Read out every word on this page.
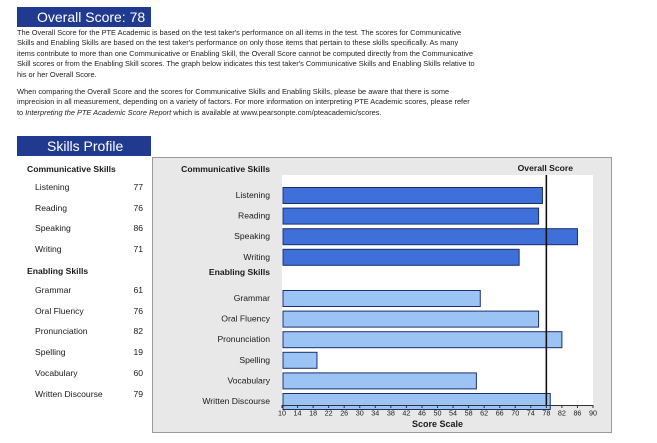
Overall Score: 78

The Overall Score for the PTE Academic is based on the test taker's performance on all items in the test. The scores for Communicative Skills and Enabling Skills are based on the test taker's performance on only those items that pertain to these skills specifically. As many items contribute to more than one Communicative or Enabling Skill, the Overall Score cannot be computed directly from the Communicative Skill scores or from the Enabling Skill scores. The graph below indicates this test taker's Communicative Skills and Enabling Skills relative to his or her Overall Score.

When comparing the Overall Score and the scores for Communicative Skills and Enabling Skills, please be aware that there is some imprecision in all measurement, depending on a variety of factors. For more information on interpreting PTE Academic scores, please refer to Interpreting the PTE Academic Score Report which is available at www.pearsonpte.com/pteacademic/scores.

Skills Profile
Communicative Skills
Listening	77
Reading	76
Speaking	86
Writing	71
Enabling Skills
Grammar	61
Oral Fluency	76
Pronunciation	82
Spelling	19
Vocabulary	60
Written Discourse	79
Communicative Skills
Listening
Reading
Speaking
Writing
Enabling Skills
Grammar
Oral Fluency
Pronunciation
Spelling
Vocabulary
Written Discourse
10 14 18 22 26 30 34 38 42 46 50 54 58 62 66 70 74 78 82 86 90
Score Scale
Overall Score
